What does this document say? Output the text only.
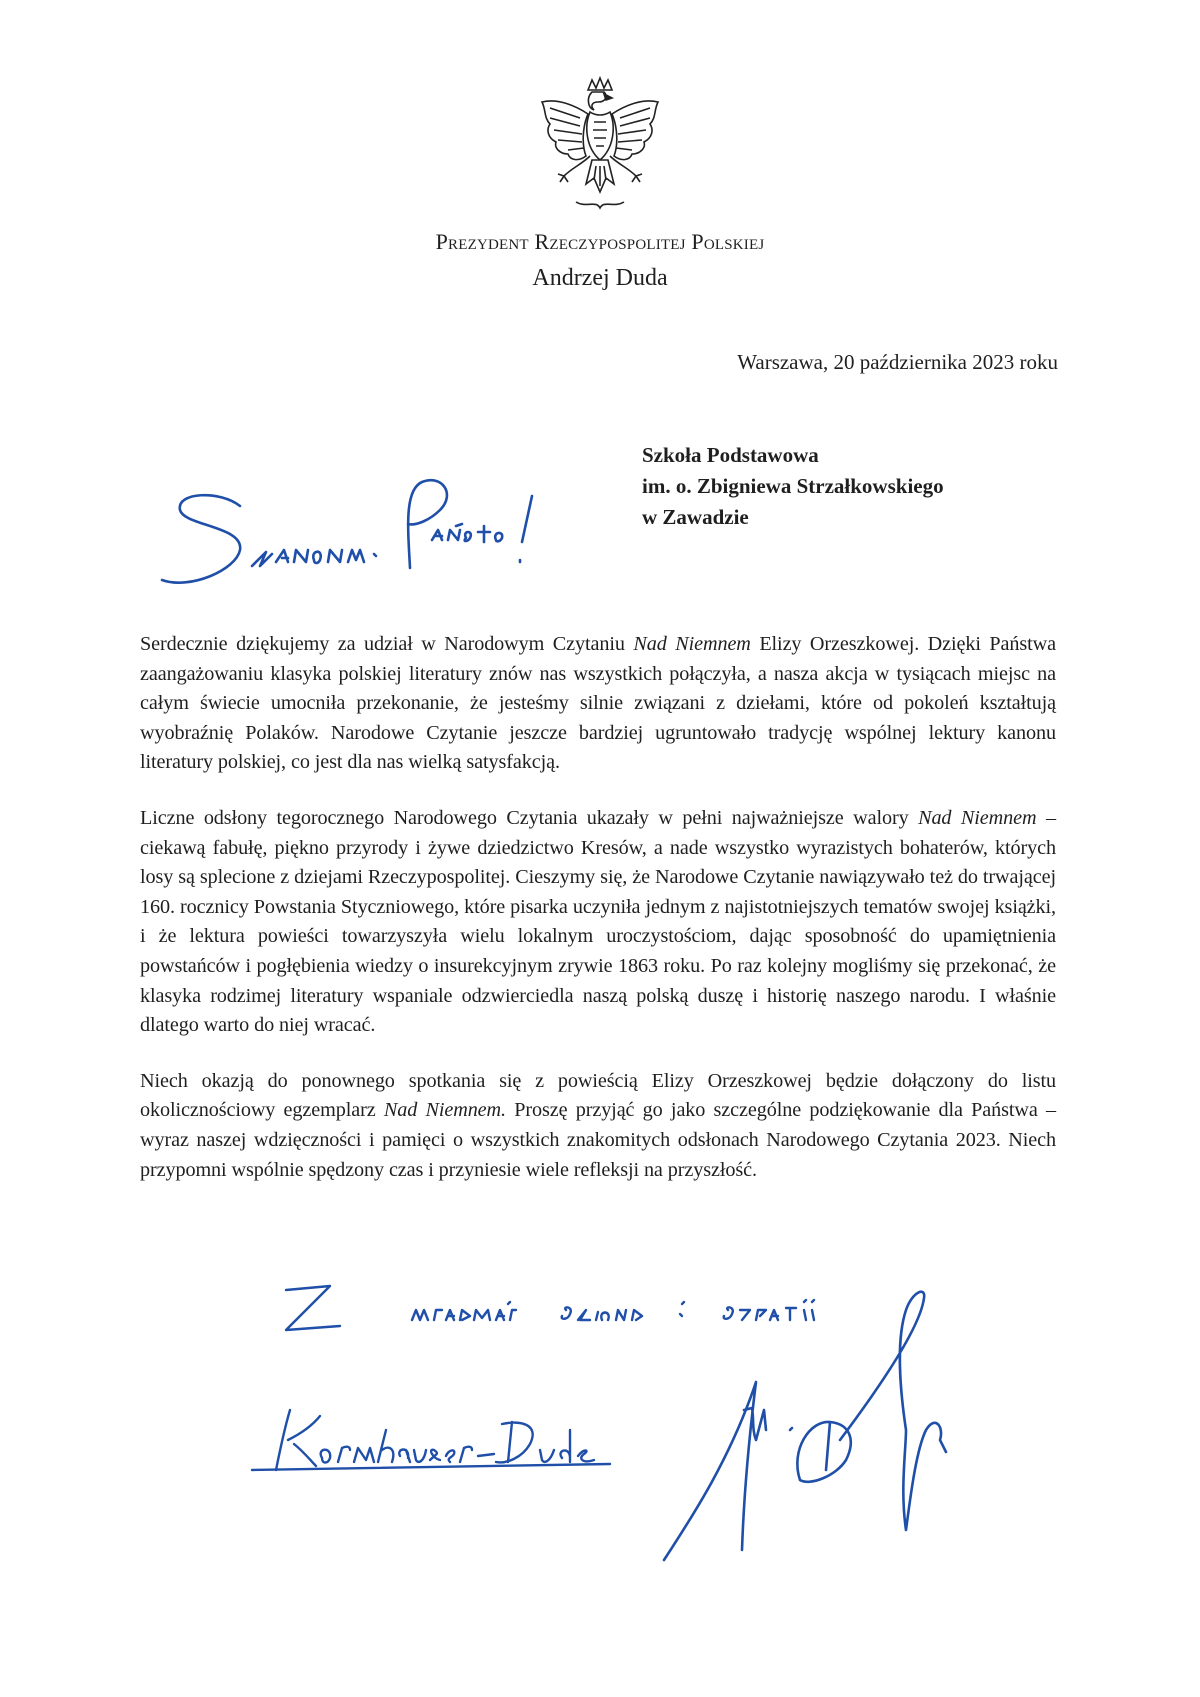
Prezydent Rzeczypospolitej Polskiej
Andrzej Duda
Warszawa, 20 października 2023 roku
Szkoła Podstawowa
im. o. Zbigniewa Strzałkowskiego
w Zawadzie

Serdecznie dziękujemy za udział w Narodowym Czytaniu Nad Niemnem Elizy Orzeszkowej. Dzięki Państwa zaangażowaniu klasyka polskiej literatury znów nas wszystkich połączyła, a nasza akcja w tysiącach miejsc na całym świecie umocniła przekonanie, że jesteśmy silnie związani z dziełami, które od pokoleń kształtują wyobraźnię Polaków. Narodowe Czytanie jeszcze bardziej ugruntowało tradycję wspólnej lektury kanonu literatury polskiej, co jest dla nas wielką satysfakcją.

Liczne odsłony tegorocznego Narodowego Czytania ukazały w pełni najważniejsze walory Nad Niemnem – ciekawą fabułę, piękno przyrody i żywe dziedzictwo Kresów, a nade wszystko wyrazistych bohaterów, których losy są splecione z dziejami Rzeczypospolitej. Cieszymy się, że Narodowe Czytanie nawiązywało też do trwającej 160. rocznicy Powstania Styczniowego, które pisarka uczyniła jednym z najistotniejszych tematów swojej książki, i że lektura powieści towarzyszyła wielu lokalnym uroczystościom, dając sposobność do upamiętnienia powstańców i pogłębienia wiedzy o insurekcyjnym zrywie 1863 roku. Po raz kolejny mogliśmy się przekonać, że klasyka rodzimej literatury wspaniale odzwierciedla naszą polską duszę i historię naszego narodu. I właśnie dlatego warto do niej wracać.

Niech okazją do ponownego spotkania się z powieścią Elizy Orzeszkowej będzie dołączony do listu okolicznościowy egzemplarz Nad Niemnem. Proszę przyjąć go jako szczególne podziękowanie dla Państwa – wyraz naszej wdzięczności i pamięci o wszystkich znakomitych odsłonach Narodowego Czytania 2023. Niech przypomni wspólnie spędzony czas i przyniesie wiele refleksji na przyszłość.
